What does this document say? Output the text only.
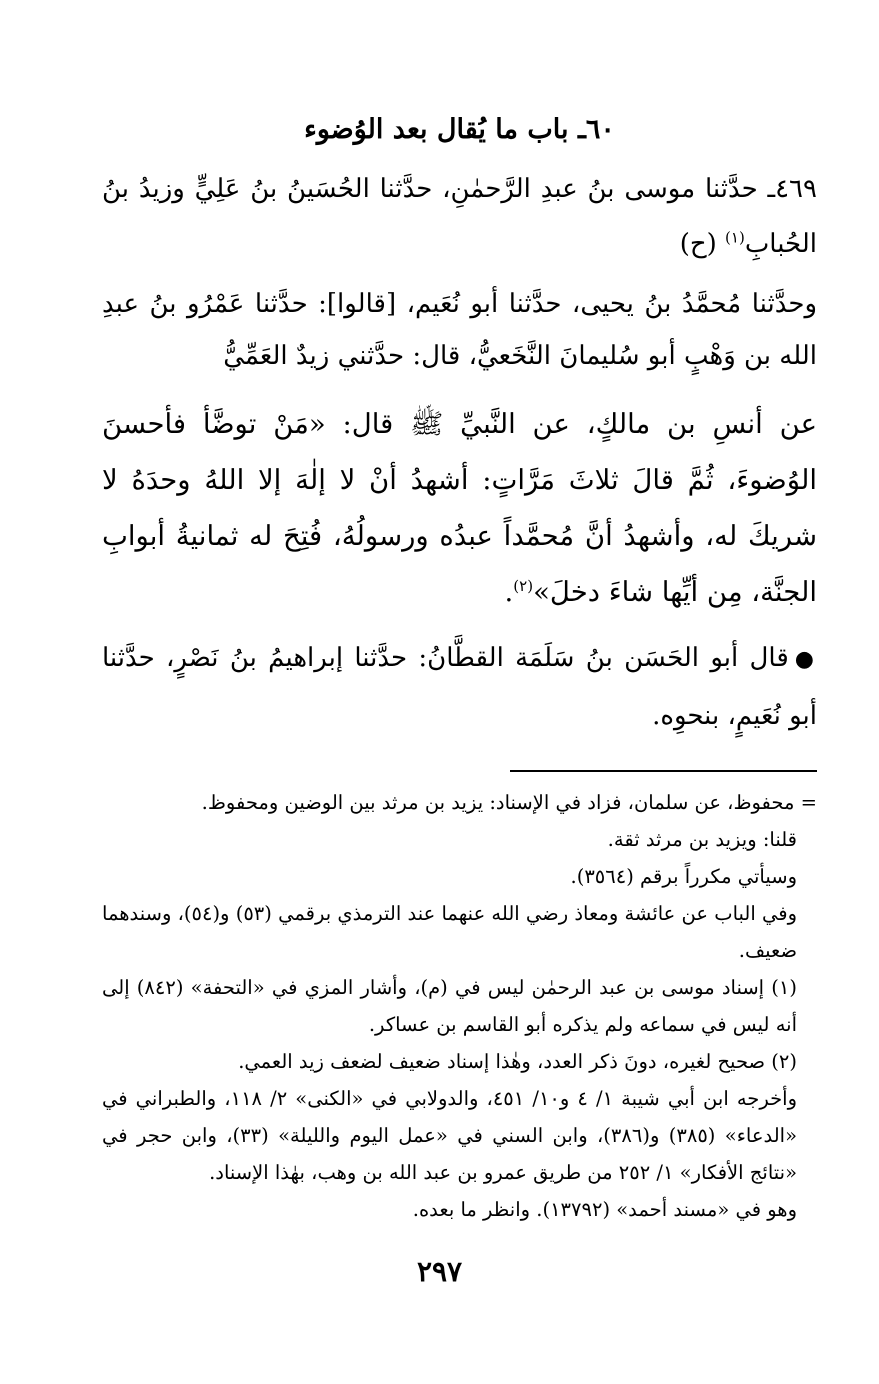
٦٠ـ باب ما يُقال بعد الوُضوء

٤٦٩ـ حدَّثنا موسى بنُ عبدِ الرَّحمٰنِ، حدَّثنا الحُسَينُ بنُ عَلِيٍّ وزيدُ بنُ الحُبابِ$^{(١)}$ (ح)

وحدَّثنا مُحمَّدُ بنُ يحيى، حدَّثنا أبو نُعَيم، [قالوا]: حدَّثنا عَمْرُو بنُ عبدِ الله بن وَهْبٍ أبو سُليمانَ النَّخَعيُّ، قال: حدَّثني زيدٌ العَمِّيُّ

عن أنسِ بن مالكٍ، عن النَّبيِّ ﷺ قال: «مَنْ توضَّأ فأحسنَ الوُضوءَ، ثُمَّ قالَ ثلاثَ مَرَّاتٍ: أشهدُ أنْ لا إلٰهَ إلا اللهُ وحدَهُ لا شريكَ له، وأشهدُ أنَّ مُحمَّداً عبدُه ورسولُهُ، فُتِحَ له ثمانيةُ أبوابِ الجنَّة، مِن أيِّها شاءَ دخلَ»$^{(٢)}$.

●قال أبو الحَسَن بنُ سَلَمَة القطَّانُ: حدَّثنا إبراهيمُ بنُ نَصْرٍ، حدَّثنا أبو نُعَيمٍ، بنحوِه.

= محفوظ، عن سلمان، فزاد في الإسناد: يزيد بن مرثد بين الوضين ومحفوظ.

قلنا: ويزيد بن مرثد ثقة.

وسيأتي مكرراً برقم (٣٥٦٤).

وفي الباب عن عائشة ومعاذ رضي الله عنهما عند الترمذي برقمي (٥٣) و(٥٤)، وسندهما ضعيف.

(١) إسناد موسى بن عبد الرحمٰن ليس في (م)، وأشار المزي في «التحفة» (٨٤٢) إلى أنه ليس في سماعه ولم يذكره أبو القاسم بن عساكر.

(٢) صحيح لغيره، دونَ ذكر العدد، وهٰذا إسناد ضعيف لضعف زيد العمي.

وأخرجه ابن أبي شيبة ١/ ٤ و١٠/ ٤٥١، والدولابي في «الكنى» ٢/ ١١٨، والطبراني في «الدعاء» (٣٨٥) و(٣٨٦)، وابن السني في «عمل اليوم والليلة» (٣٣)، وابن حجر في «نتائج الأفكار» ١/ ٢٥٢ من طريق عمرو بن عبد الله بن وهب، بهٰذا الإسناد.

وهو في «مسند أحمد» (١٣٧٩٢). وانظر ما بعده.

٢٩٧
